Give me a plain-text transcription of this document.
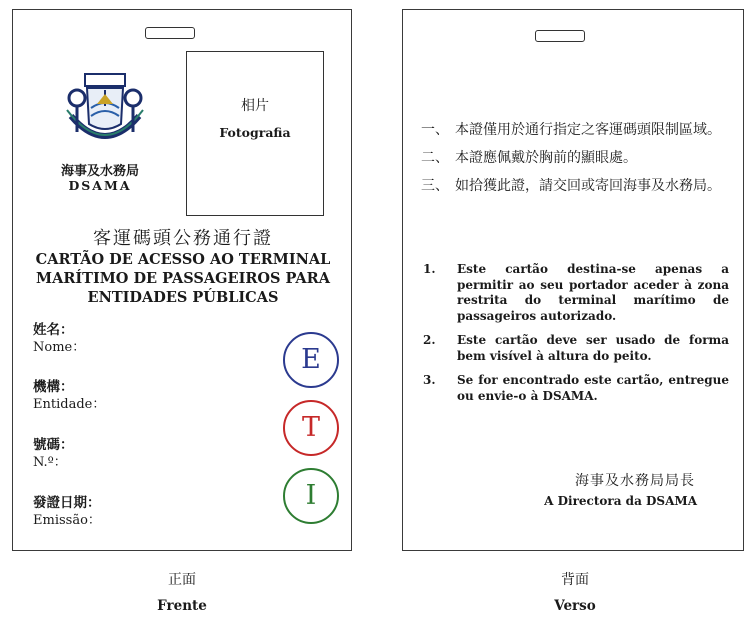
海事及水務局
DSAMA
相片
Fotografia
客運碼頭公務通行證
CARTÃO DE ACESSO AO TERMINAL
MARÍTIMO DE PASSAGEIROS PARA
ENTIDADES PÚBLICAS
姓名：
Nome：
機構：
Entidade：
號碼：
N.º：
發證日期：
Emissão：
E
T
I
一、 本證僅用於通行指定之客運碼頭限制區域。
二、 本證應佩戴於胸前的顯眼處。
三、 如拾獲此證，請交回或寄回海事及水務局。
1.	Este cartão destina-se apenas a permitir ao seu portador aceder à zona restrita do terminal marítimo de passageiros autorizado.
2.	Este cartão deve ser usado de forma bem visível à altura do peito.
3.	Se for encontrado este cartão, entregue ou envie-o à DSAMA.
海事及水務局局長
A Directora da DSAMA
正面
Frente
背面
Verso
